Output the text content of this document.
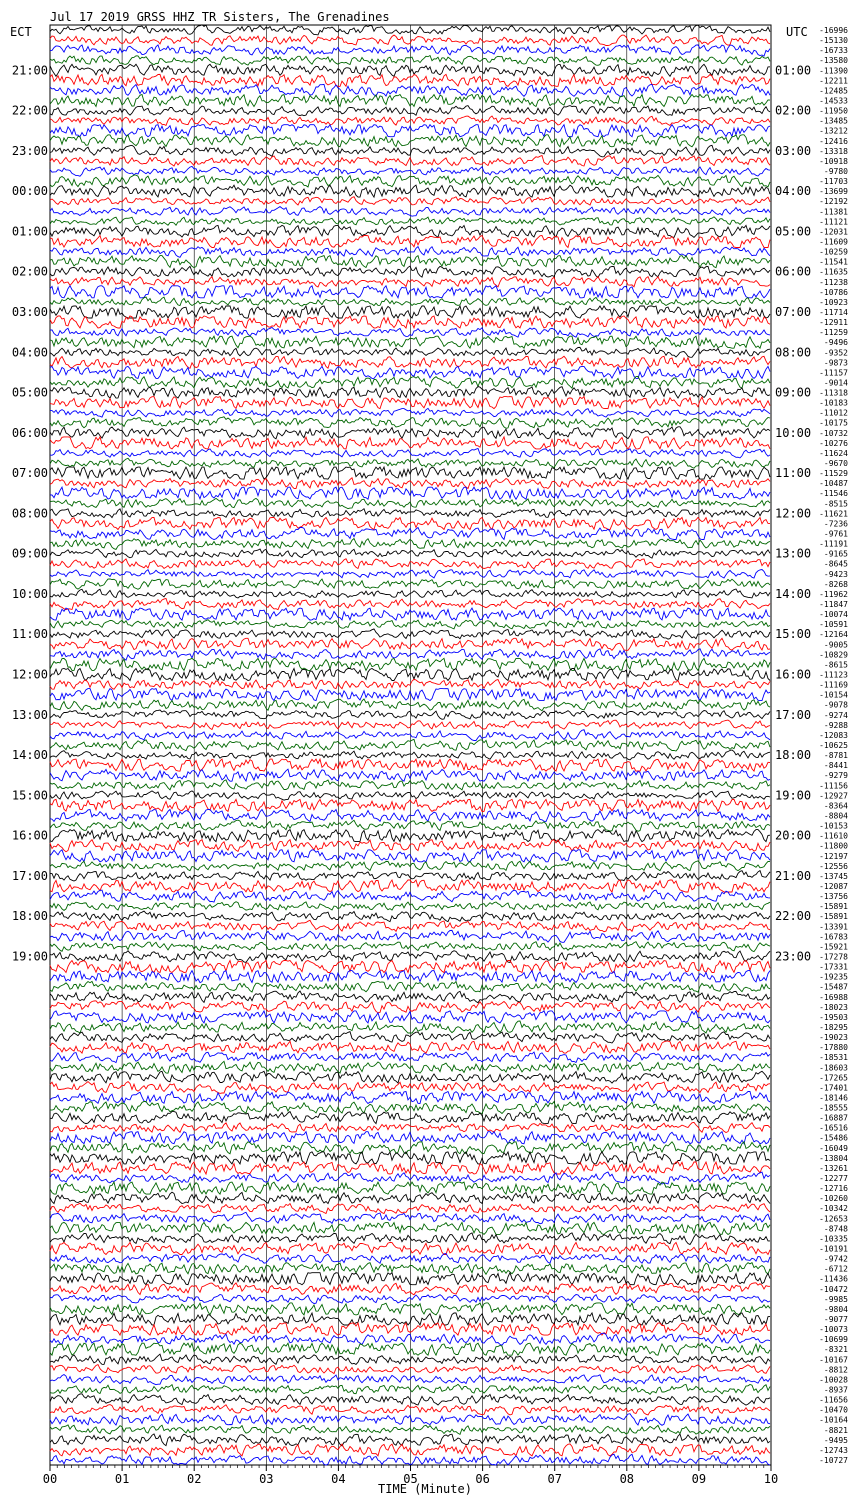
Jul 17 2019 GRSS HHZ TR Sisters, The Grenadines
ECT	UTC
21:00
22:00
23:00
00:00
01:00
02:00
03:00
04:00
05:00
06:00
07:00
08:00
09:00
10:00
11:00
12:00
13:00
14:00
15:00
16:00
17:00
18:00
19:00
01:00
02:00
03:00
04:00
05:00
06:00
07:00
08:00
09:00
10:00
11:00
12:00
13:00
14:00
15:00
16:00
17:00
18:00
19:00
20:00
21:00
22:00
23:00
-16996
-15130
-16733
-13580
-11390
-12211
-12485
-14533
-11950
-13485
-13212
-12416
-13318
-10918
-9780
-11703
-13699
-12192
-11381
-11121
-12031
-11609
-10259
-11541
-11635
-11238
-10786
-10923
-11714
-12911
-11259
-9496
-9352
-9873
-11157
-9014
-11318
-10183
-11012
-10175
-10732
-10276
-11624
-9670
-11529
-10487
-11546
-8515
-11621
-7236
-9761
-11191
-9165
-8645
-9423
-8268
-11962
-11847
-10074
-10591
-12164
-9005
-10829
-8615
-11123
-11169
-10154
-9078
-9274
-9288
-12083
-10625
-8781
-8441
-9279
-11156
-12927
-8364
-8804
-10153
-11610
-11800
-12197
-12556
-13745
-12087
-13756
-15891
-15891
-13391
-16783
-15921
-17278
-17331
-19235
-15487
-16988
-18023
-19503
-18295
-19023
-17880
-18531
-18603
-17265
-17401
-18146
-18555
-16887
-16516
-15486
-16049
-13804
-13261
-12277
-12716
-10260
-10342
-12653
-8748
-10335
-10191
-9742
-6712
-11436
-10472
-9985
-9804
-9077
-10073
-10699
-8321
-10167
-8812
-10028
-8937
-11656
-10470
-10164
-8821
-9495
-12743
-10727
00	01	02	03	04	05	06	07	08	09	10
TIME (Minute)
